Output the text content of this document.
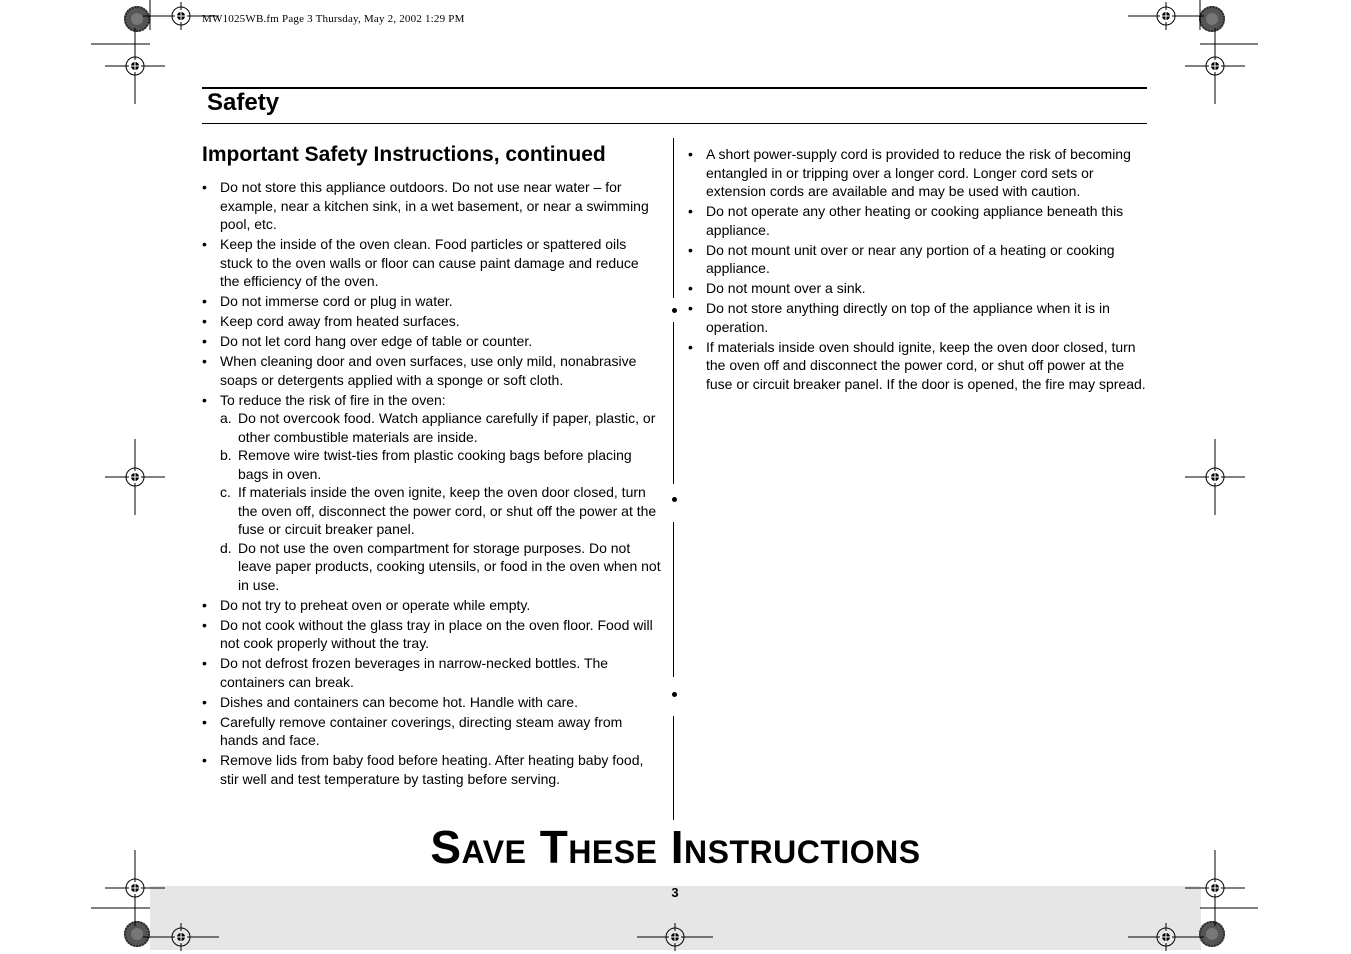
MW1025WB.fm Page 3 Thursday, May 2, 2002 1:29 PM
Safety
Important Safety Instructions, continued
• Do not store this appliance outdoors. Do not use near water – for example, near a kitchen sink, in a wet basement, or near a swimming pool, etc.
• Keep the inside of the oven clean. Food particles or spattered oils stuck to the oven walls or floor can cause paint damage and reduce the efficiency of the oven.
• Do not immerse cord or plug in water.
• Keep cord away from heated surfaces.
• Do not let cord hang over edge of table or counter.
• When cleaning door and oven surfaces, use only mild, nonabrasive soaps or detergents applied with a sponge or soft cloth.
• To reduce the risk of fire in the oven:
a. Do not overcook food. Watch appliance carefully if paper, plastic, or other combustible materials are inside.
b. Remove wire twist-ties from plastic cooking bags before placing bags in oven.
c. If materials inside the oven ignite, keep the oven door closed, turn the oven off, disconnect the power cord, or shut off the power at the fuse or circuit breaker panel.
d. Do not use the oven compartment for storage purposes. Do not leave paper products, cooking utensils, or food in the oven when not in use.
• Do not try to preheat oven or operate while empty.
• Do not cook without the glass tray in place on the oven floor. Food will not cook properly without the tray.
• Do not defrost frozen beverages in narrow-necked bottles. The containers can break.
• Dishes and containers can become hot. Handle with care.
• Carefully remove container coverings, directing steam away from hands and face.
• Remove lids from baby food before heating. After heating baby food, stir well and test temperature by tasting before serving.
• A short power-supply cord is provided to reduce the risk of becoming entangled in or tripping over a longer cord. Longer cord sets or extension cords are available and may be used with caution.
• Do not operate any other heating or cooking appliance beneath this appliance.
• Do not mount unit over or near any portion of a heating or cooking appliance.
• Do not mount over a sink.
• Do not store anything directly on top of the appliance when it is in operation.
• If materials inside oven should ignite, keep the oven door closed, turn the oven off and disconnect the power cord, or shut off power at the fuse or circuit breaker panel. If the door is opened, the fire may spread.
Save These Instructions
3
